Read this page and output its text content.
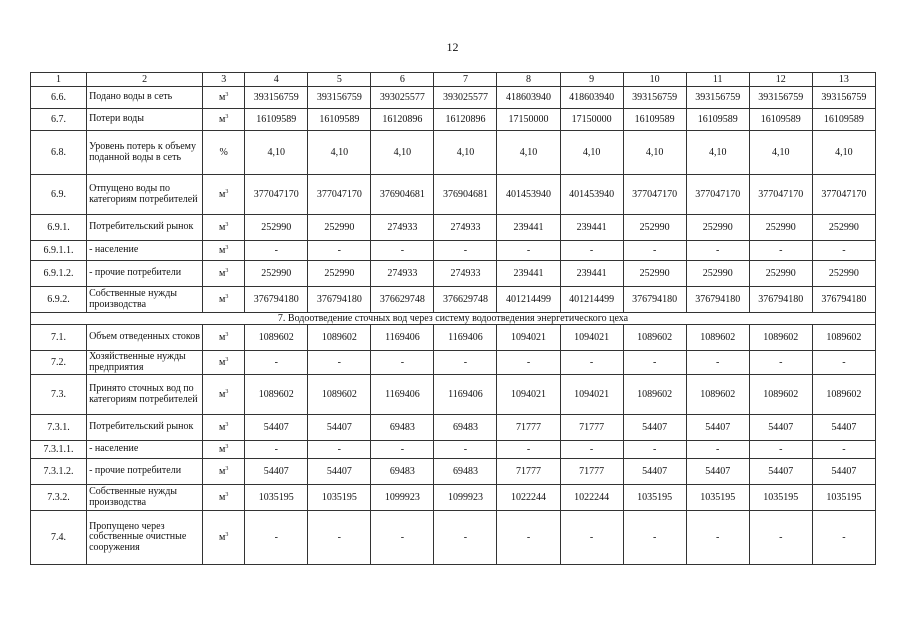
12
1	2	3	4	5	6	7	8	9	10	11	12	13
6.6.	Подано воды в сеть	$м^3$	393156759	393156759	393025577	393025577	418603940	418603940	393156759	393156759	393156759	393156759
6.7.	Потери воды	$м^3$	16109589	16109589	16120896	16120896	17150000	17150000	16109589	16109589	16109589	16109589
6.8.	Уровень потерь к объему поданной воды в сеть	%	4,10	4,10	4,10	4,10	4,10	4,10	4,10	4,10	4,10	4,10
6.9.	Отпущено воды по категориям потребителей	$м^3$	377047170	377047170	376904681	376904681	401453940	401453940	377047170	377047170	377047170	377047170
6.9.1.	Потребительский рынок	$м^3$	252990	252990	274933	274933	239441	239441	252990	252990	252990	252990
6.9.1.1.	- население	$м^3$	-	-	-	-	-	-	-	-	-	-
6.9.1.2.	- прочие потребители	$м^3$	252990	252990	274933	274933	239441	239441	252990	252990	252990	252990
6.9.2.	Собственные нужды производства	$м^3$	376794180	376794180	376629748	376629748	401214499	401214499	376794180	376794180	376794180	376794180
7. Водоотведение сточных вод через систему водоотведения энергетического цеха												
7.1.	Объем отведенных стоков	$м^3$	1089602	1089602	1169406	1169406	1094021	1094021	1089602	1089602	1089602	1089602
7.2.	Хозяйственные нужды предприятия	$м^3$	-	-	-	-	-	-	-	-	-	-
7.3.	Принято сточных вод по категориям потребителей	$м^3$	1089602	1089602	1169406	1169406	1094021	1094021	1089602	1089602	1089602	1089602
7.3.1.	Потребительский рынок	$м^3$	54407	54407	69483	69483	71777	71777	54407	54407	54407	54407
7.3.1.1.	- население	$м^3$	-	-	-	-	-	-	-	-	-	-
7.3.1.2.	- прочие потребители	$м^3$	54407	54407	69483	69483	71777	71777	54407	54407	54407	54407
7.3.2.	Собственные нужды производства	$м^3$	1035195	1035195	1099923	1099923	1022244	1022244	1035195	1035195	1035195	1035195
7.4.	Пропущено через собственные очистные сооружения	$м^3$	-	-	-	-	-	-	-	-	-	-
